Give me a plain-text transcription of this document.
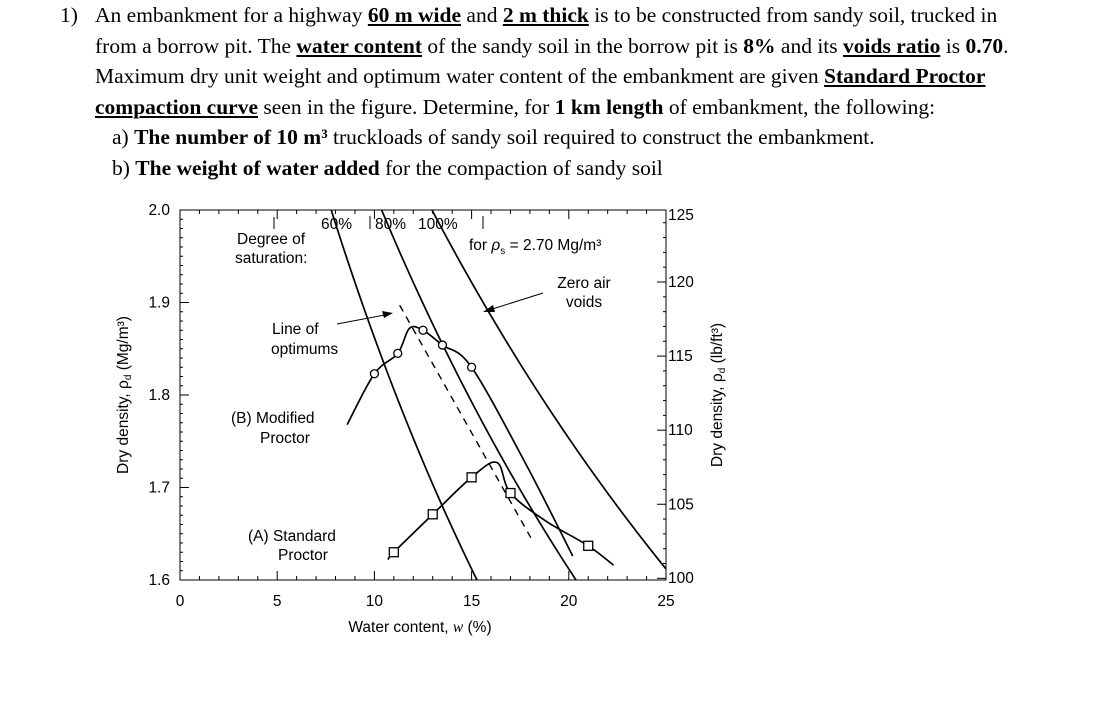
1) An embankment for a highway 60 m wide and 2 m thick is to be constructed from sandy soil, trucked in

from a borrow pit. The water content of the sandy soil in the borrow pit is 8% and its voids ratio is 0.70.

Maximum dry unit weight and optimum water content of the embankment are given Standard Proctor

compaction curve seen in the figure. Determine, for 1 km length of embankment, the following:

a) The number of 10 m³ truckloads of sandy soil required to construct the embankment.

b) The weight of water added for the compaction of sandy soil

0	5	10	15	20	25
1.6
1.7
1.8
1.9
2.0
100
105
110
115
120
125
Degree of
saturation:
60% 80% 100%
for $\rho_s = 2.70$ Mg/m³
Zero air
voids
Line of
optimums
(B) Modified
Proctor
(A) Standard
Proctor
Water content, w (%)
Dry density, ρd (Mg/m³)
Dry density, ρd (lb/ft³)
